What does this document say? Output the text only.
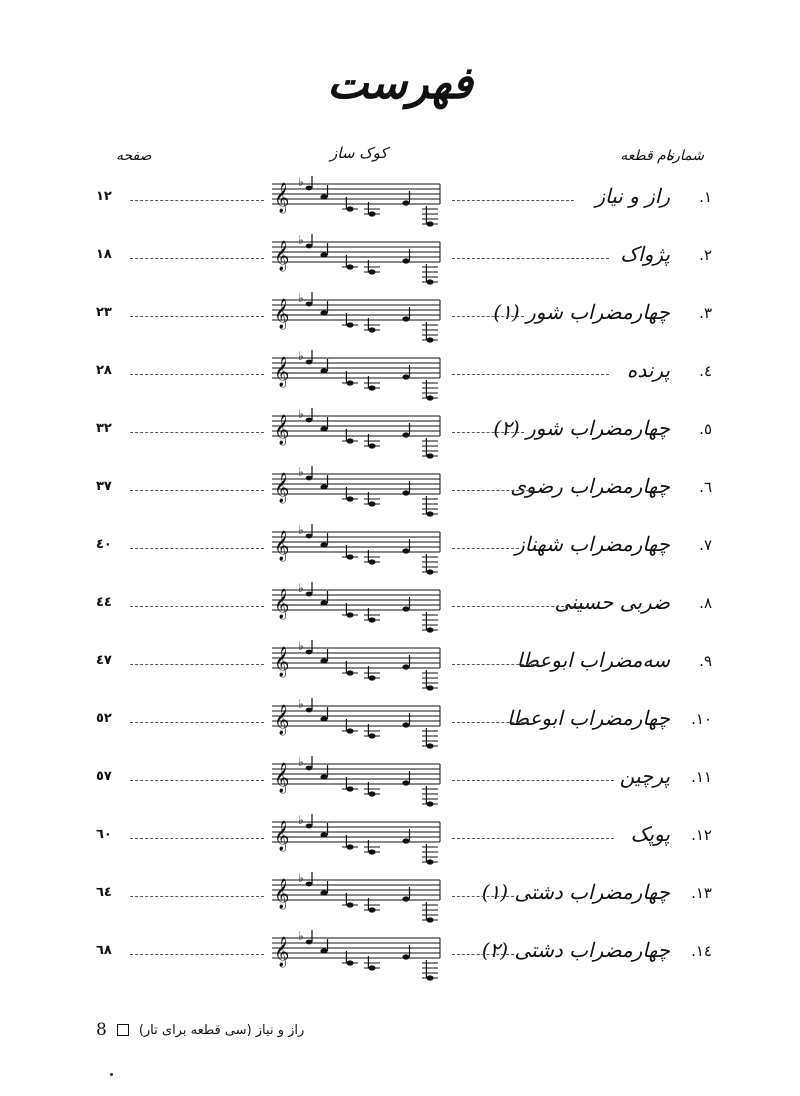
فهرست
شماره
نام قطعه
کوک ساز
صفحه
.١
راز و نیاز
𝄞
♭
١٢
.٢
پژواک
𝄞
♭
١٨
.٣
چهارمضراب شور (١)
𝄞
♭
٢٣
.٤
پرنده
𝄞
♭
٢٨
.٥
چهارمضراب شور (٢)
𝄞
♭
٣٢
.٦
چهارمضراب رضوی
𝄞
♭
٣٧
.٧
چهارمضراب شهناز
𝄞
♭
٤٠
.٨
ضربی حسینی
𝄞
♭
٤٤
.٩
سه‌مضراب ابوعطا
𝄞
♭
٤٧
.١٠
چهارمضراب ابوعطا
𝄞
♭
٥٢
.١١
پرچین
𝄞
♭
٥٧
.١٢
پوپک
𝄞
♭
٦٠
.١٣
چهارمضراب دشتی (١)
𝄞
♭
٦٤
.١٤
چهارمضراب دشتی (٢)
𝄞
♭
٦٨
8 راز و نیاز (سی قطعه برای تار)
